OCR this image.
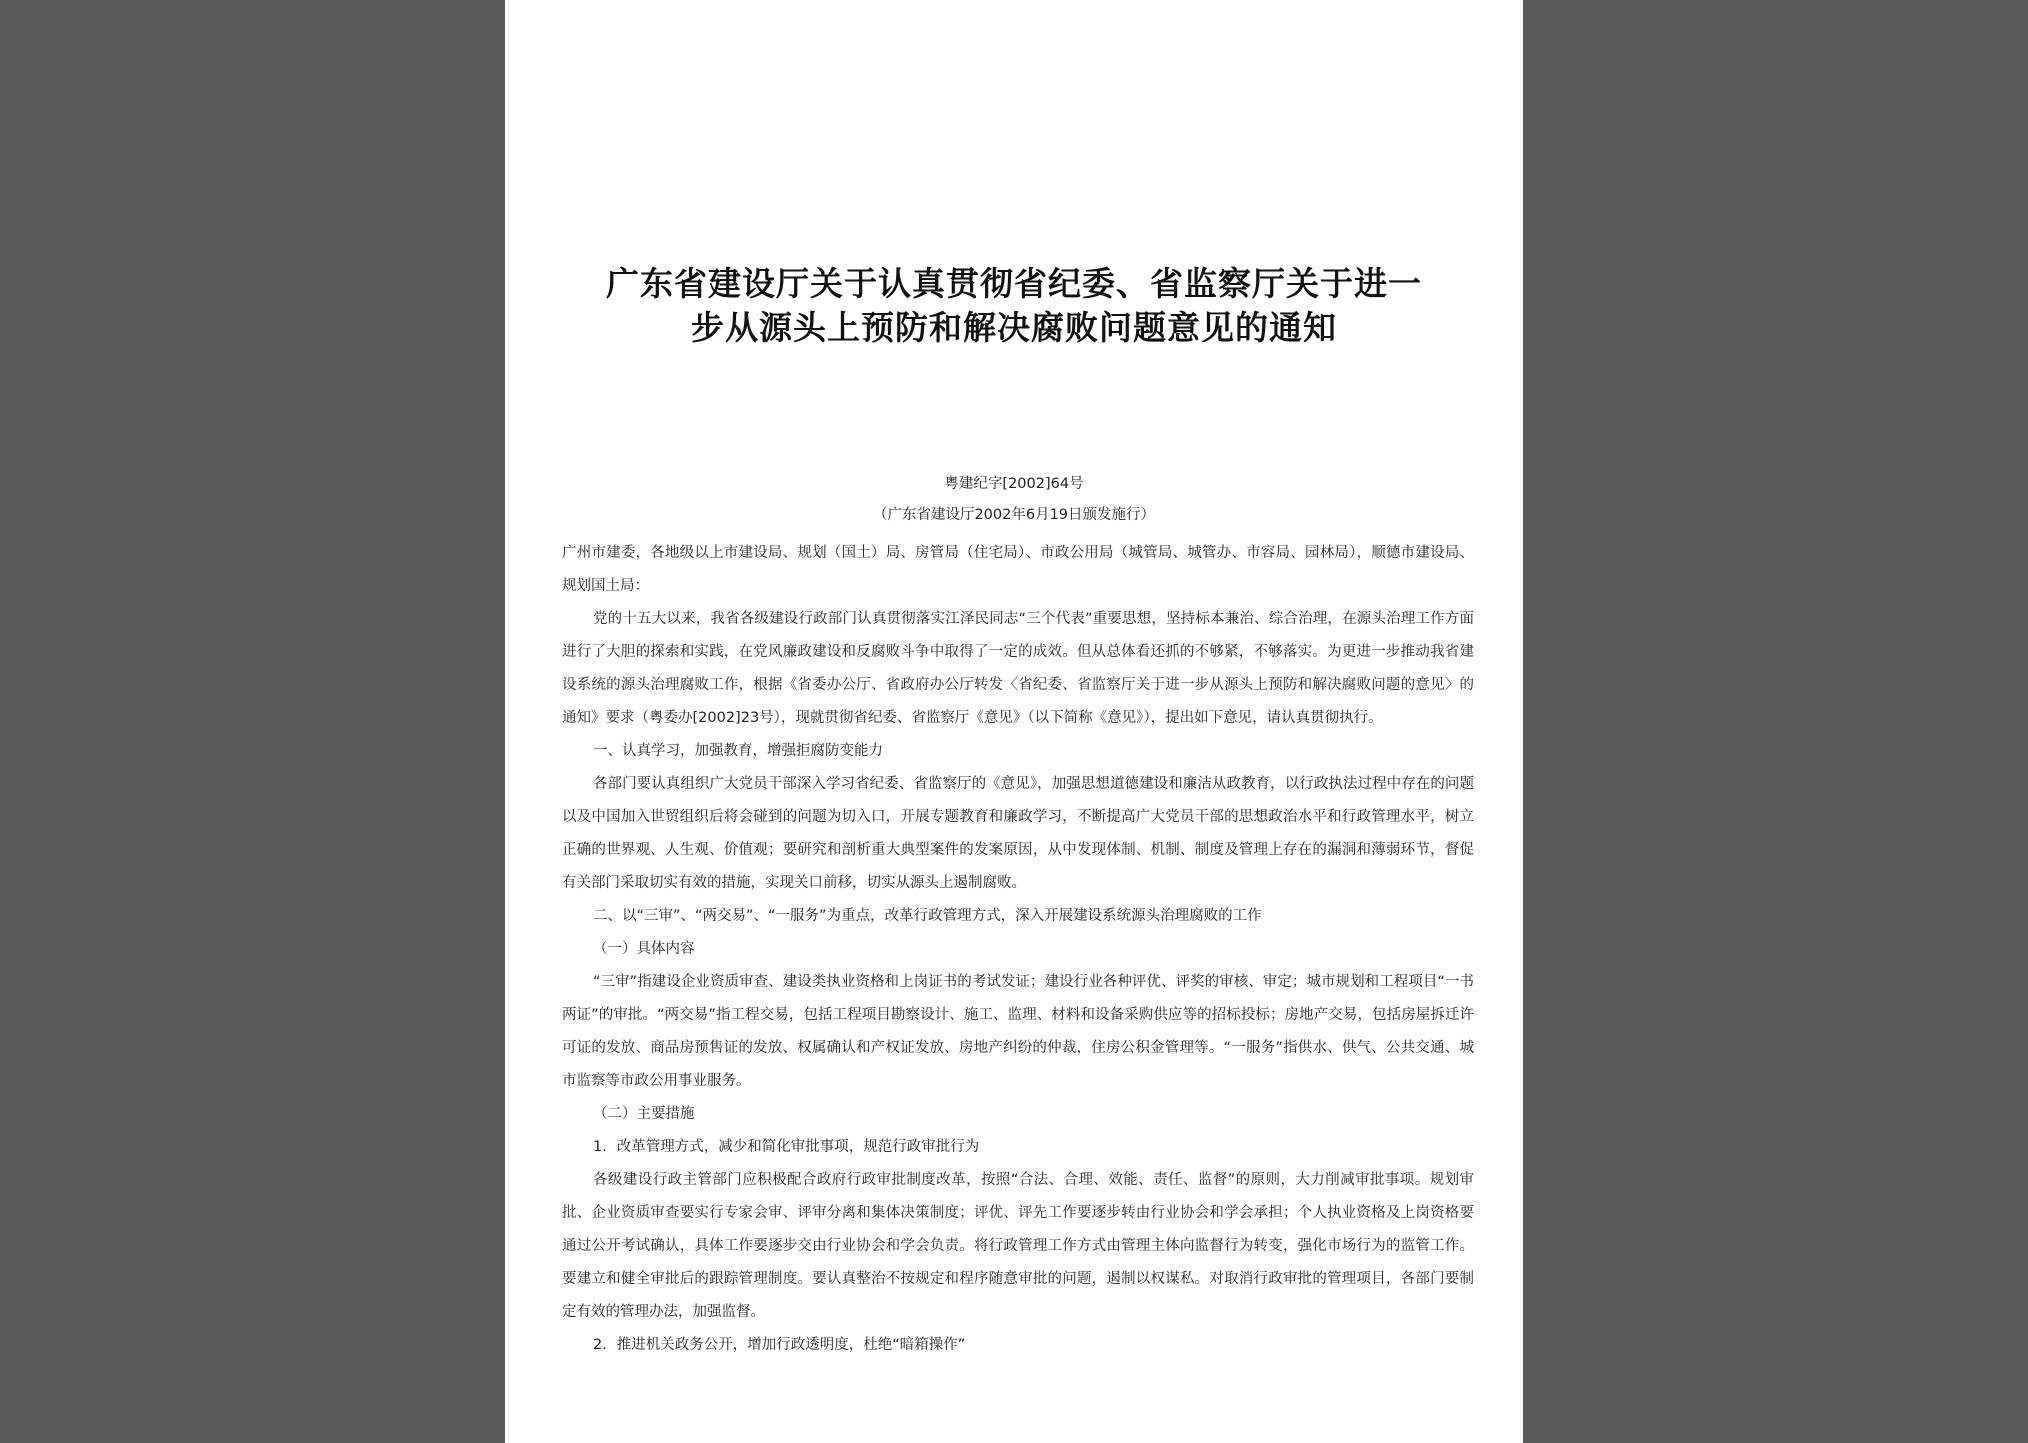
广东省建设厅关于认真贯彻省纪委、省监察厅关于进一
步从源头上预防和解决腐败问题意见的通知
粤建纪字[2002]64号
（广东省建设厅2002年6月19日颁发施行）

广州市建委，各地级以上市建设局、规划（国土）局、房管局（住宅局）、市政公用局（城管局、城管办、市容局、园林局），顺德市建设局、规划国土局：

党的十五大以来，我省各级建设行政部门认真贯彻落实江泽民同志“三个代表”重要思想，坚持标本兼治、综合治理，在源头治理工作方面进行了大胆的探索和实践，在党风廉政建设和反腐败斗争中取得了一定的成效。但从总体看还抓的不够紧，不够落实。为更进一步推动我省建设系统的源头治理腐败工作，根据《省委办公厅、省政府办公厅转发〈省纪委、省监察厅关于进一步从源头上预防和解决腐败问题的意见〉的通知》要求（粤委办[2002]23号），现就贯彻省纪委、省监察厅《意见》（以下简称《意见》），提出如下意见，请认真贯彻执行。

一、认真学习，加强教育，增强拒腐防变能力

各部门要认真组织广大党员干部深入学习省纪委、省监察厅的《意见》，加强思想道德建设和廉洁从政教育，以行政执法过程中存在的问题以及中国加入世贸组织后将会碰到的问题为切入口，开展专题教育和廉政学习，不断提高广大党员干部的思想政治水平和行政管理水平，树立正确的世界观、人生观、价值观；要研究和剖析重大典型案件的发案原因，从中发现体制、机制、制度及管理上存在的漏洞和薄弱环节，督促有关部门采取切实有效的措施，实现关口前移，切实从源头上遏制腐败。

二、以“三审”、“两交易”、“一服务”为重点，改革行政管理方式，深入开展建设系统源头治理腐败的工作

（一）具体内容

“三审”指建设企业资质审查、建设类执业资格和上岗证书的考试发证；建设行业各种评优、评奖的审核、审定；城市规划和工程项目“一书两证”的审批。“两交易”指工程交易，包括工程项目勘察设计、施工、监理、材料和设备采购供应等的招标投标；房地产交易，包括房屋拆迁许可证的发放、商品房预售证的发放、权属确认和产权证发放、房地产纠纷的仲裁，住房公积金管理等。“一服务”指供水、供气、公共交通、城市监察等市政公用事业服务。

（二）主要措施

1．改革管理方式，减少和简化审批事项，规范行政审批行为

各级建设行政主管部门应积极配合政府行政审批制度改革，按照“合法、合理、效能、责任、监督”的原则，大力削减审批事项。规划审批、企业资质审查要实行专家会审、评审分离和集体决策制度；评优、评先工作要逐步转由行业协会和学会承担；个人执业资格及上岗资格要通过公开考试确认，具体工作要逐步交由行业协会和学会负责。将行政管理工作方式由管理主体向监督行为转变，强化市场行为的监管工作。要建立和健全审批后的跟踪管理制度。要认真整治不按规定和程序随意审批的问题，遏制以权谋私。对取消行政审批的管理项目，各部门要制定有效的管理办法，加强监督。

2．推进机关政务公开，增加行政透明度，杜绝“暗箱操作”
